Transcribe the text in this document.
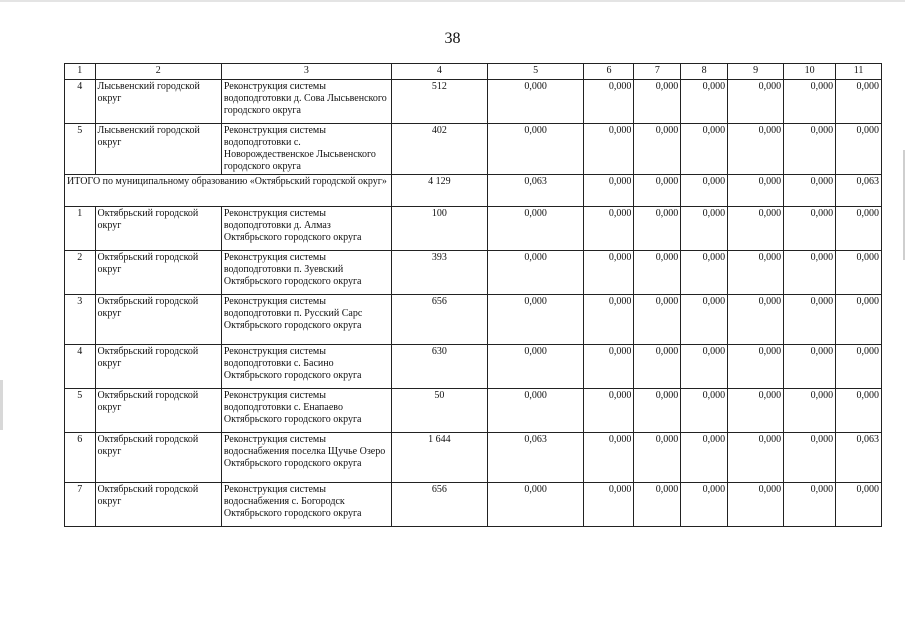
38
1	2	3	4	5	6	7	8	9	10	11
4	Лысьвенский городской округ	Реконструкция системы водоподготовки д. Сова Лысьвенского городского округа	512	0,000	0,000	0,000	0,000	0,000	0,000	0,000
5	Лысьвенский городской округ	Реконструкция системы водоподготовки с. Новорождественское Лысьвенского городского округа	402	0,000	0,000	0,000	0,000	0,000	0,000	0,000
ИТОГО по муниципальному образованию «Октябрьский городской округ»			4 129	0,063	0,000	0,000	0,000	0,000	0,000	0,063
1	Октябрьский городской округ	Реконструкция системы водоподготовки д. Алмаз Октябрьского городского округа	100	0,000	0,000	0,000	0,000	0,000	0,000	0,000
2	Октябрьский городской округ	Реконструкция системы водоподготовки п. Зуевский Октябрьского городского округа	393	0,000	0,000	0,000	0,000	0,000	0,000	0,000
3	Октябрьский городской округ	Реконструкция системы водоподготовки п. Русский Сарс Октябрьского городского округа	656	0,000	0,000	0,000	0,000	0,000	0,000	0,000
4	Октябрьский городской округ	Реконструкция системы водоподготовки с. Басино Октябрьского городского округа	630	0,000	0,000	0,000	0,000	0,000	0,000	0,000
5	Октябрьский городской округ	Реконструкция системы водоподготовки с. Енапаево Октябрьского городского округа	50	0,000	0,000	0,000	0,000	0,000	0,000	0,000
6	Октябрьский городской округ	Реконструкция системы водоснабжения поселка Щучье Озеро Октябрьского городского округа	1 644	0,063	0,000	0,000	0,000	0,000	0,000	0,063
7	Октябрьский городской округ	Реконструкция системы водоснабжения с. Богородск Октябрьского городского округа	656	0,000	0,000	0,000	0,000	0,000	0,000	0,000
